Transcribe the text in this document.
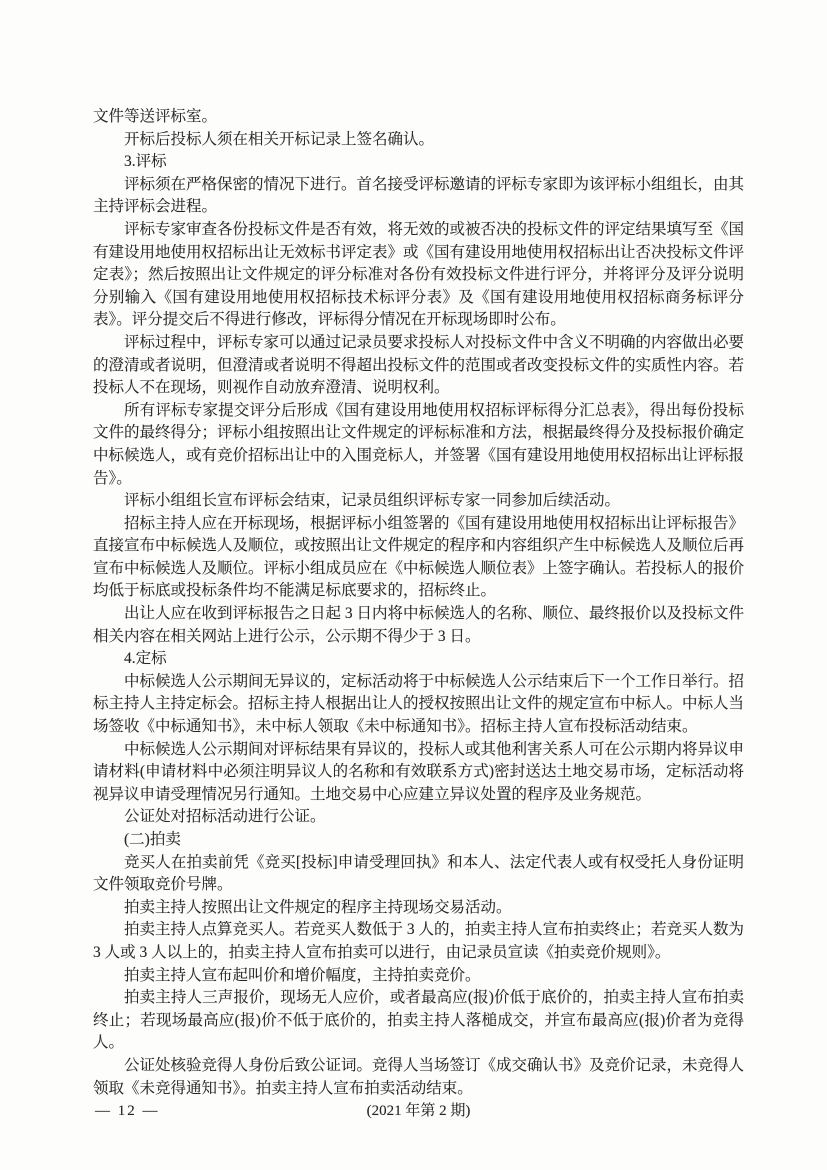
文件等送评标室。

开标后投标人须在相关开标记录上签名确认。

3.评标

评标须在严格保密的情况下进行。首名接受评标邀请的评标专家即为该评标小组组长，由其主持评标会进程。

评标专家审查各份投标文件是否有效，将无效的或被否决的投标文件的评定结果填写至《国有建设用地使用权招标出让无效标书评定表》或《国有建设用地使用权招标出让否决投标文件评定表》；然后按照出让文件规定的评分标准对各份有效投标文件进行评分，并将评分及评分说明分别输入《国有建设用地使用权招标技术标评分表》及《国有建设用地使用权招标商务标评分表》。评分提交后不得进行修改，评标得分情况在开标现场即时公布。

评标过程中，评标专家可以通过记录员要求投标人对投标文件中含义不明确的内容做出必要的澄清或者说明，但澄清或者说明不得超出投标文件的范围或者改变投标文件的实质性内容。若投标人不在现场，则视作自动放弃澄清、说明权利。

所有评标专家提交评分后形成《国有建设用地使用权招标评标得分汇总表》，得出每份投标文件的最终得分；评标小组按照出让文件规定的评标标准和方法，根据最终得分及投标报价确定中标候选人，或有竞价招标出让中的入围竞标人，并签署《国有建设用地使用权招标出让评标报告》。

评标小组组长宣布评标会结束，记录员组织评标专家一同参加后续活动。

招标主持人应在开标现场，根据评标小组签署的《国有建设用地使用权招标出让评标报告》直接宣布中标候选人及顺位，或按照出让文件规定的程序和内容组织产生中标候选人及顺位后再宣布中标候选人及顺位。评标小组成员应在《中标候选人顺位表》上签字确认。若投标人的报价均低于标底或投标条件均不能满足标底要求的，招标终止。

出让人应在收到评标报告之日起 3 日内将中标候选人的名称、顺位、最终报价以及投标文件相关内容在相关网站上进行公示，公示期不得少于 3 日。

4.定标

中标候选人公示期间无异议的，定标活动将于中标候选人公示结束后下一个工作日举行。招标主持人主持定标会。招标主持人根据出让人的授权按照出让文件的规定宣布中标人。中标人当场签收《中标通知书》，未中标人领取《未中标通知书》。招标主持人宣布投标活动结束。

中标候选人公示期间对评标结果有异议的，投标人或其他利害关系人可在公示期内将异议申请材料(申请材料中必须注明异议人的名称和有效联系方式)密封送达土地交易市场，定标活动将视异议申请受理情况另行通知。土地交易中心应建立异议处置的程序及业务规范。

公证处对招标活动进行公证。

(二)拍卖

竞买人在拍卖前凭《竞买[投标]申请受理回执》和本人、法定代表人或有权受托人身份证明文件领取竞价号牌。

拍卖主持人按照出让文件规定的程序主持现场交易活动。

拍卖主持人点算竞买人。若竞买人数低于 3 人的，拍卖主持人宣布拍卖终止；若竞买人数为 3 人或 3 人以上的，拍卖主持人宣布拍卖可以进行，由记录员宣读《拍卖竞价规则》。

拍卖主持人宣布起叫价和增价幅度，主持拍卖竞价。

拍卖主持人三声报价，现场无人应价，或者最高应(报)价低于底价的，拍卖主持人宣布拍卖终止；若现场最高应(报)价不低于底价的，拍卖主持人落槌成交，并宣布最高应(报)价者为竞得人。

公证处核验竞得人身份后致公证词。竞得人当场签订《成交确认书》及竞价记录，未竞得人领取《未竞得通知书》。拍卖主持人宣布拍卖活动结束。

— 12 —	(2021 年第 2 期)
